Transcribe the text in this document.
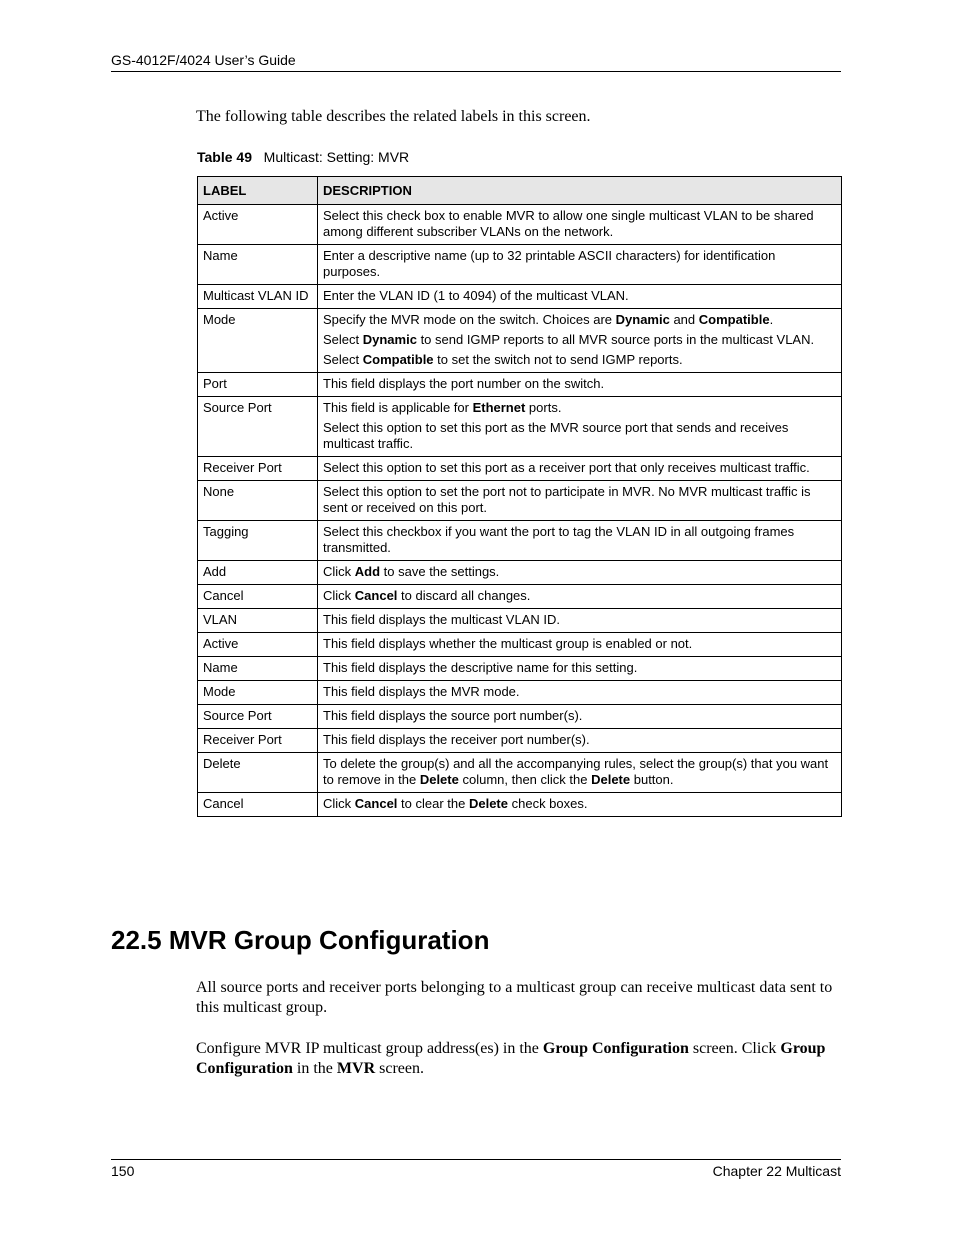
GS-4012F/4024 User’s Guide
The following table describes the related labels in this screen.
Table 49 Multicast: Setting: MVR
LABEL	DESCRIPTION
Active	Select this check box to enable MVR to allow one single multicast VLAN to be shared among different subscriber VLANs on the network.

Name	Enter a descriptive name (up to 32 printable ASCII characters) for identification purposes.

Multicast VLAN ID	Enter the VLAN ID (1 to 4094) of the multicast VLAN.

Mode	Specify the MVR mode on the switch. Choices are Dynamic and Compatible.

Select Dynamic to send IGMP reports to all MVR source ports in the multicast VLAN.

Select Compatible to set the switch not to send IGMP reports.

Port	This field displays the port number on the switch.

Source Port	This field is applicable for Ethernet ports.

Select this option to set this port as the MVR source port that sends and receives multicast traffic.

Receiver Port	Select this option to set this port as a receiver port that only receives multicast traffic.

None	Select this option to set the port not to participate in MVR. No MVR multicast traffic is sent or received on this port.

Tagging	Select this checkbox if you want the port to tag the VLAN ID in all outgoing frames transmitted.

Add	Click Add to save the settings.

Cancel	Click Cancel to discard all changes.

VLAN	This field displays the multicast VLAN ID.

Active	This field displays whether the multicast group is enabled or not.

Name	This field displays the descriptive name for this setting.

Mode	This field displays the MVR mode.

Source Port	This field displays the source port number(s).

Receiver Port	This field displays the receiver port number(s).

Delete	To delete the group(s) and all the accompanying rules, select the group(s) that you want to remove in the Delete column, then click the Delete button.

Cancel	Click Cancel to clear the Delete check boxes.

22.5 MVR Group Configuration
All source ports and receiver ports belonging to a multicast group can receive multicast data sent to this multicast group.
Configure MVR IP multicast group address(es) in the Group Configuration screen. Click Group Configuration in the MVR screen.
150	Chapter 22 Multicast
